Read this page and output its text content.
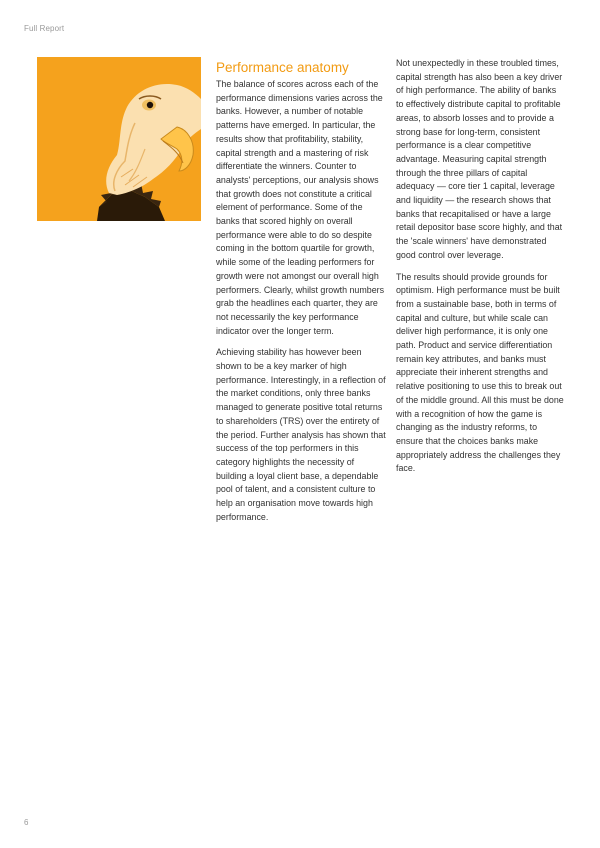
Full Report
Performance anatomy

The balance of scores across each of the performance dimensions varies across the banks. However, a number of notable patterns have emerged. In particular, the results show that profitability, stability, capital strength and a mastering of risk differentiate the winners. Counter to analysts' perceptions, our analysis shows that growth does not constitute a critical element of performance. Some of the banks that scored highly on overall performance were able to do so despite coming in the bottom quartile for growth, while some of the leading performers for growth were not amongst our overall high performers. Clearly, whilst growth numbers grab the headlines each quarter, they are not necessarily the key performance indicator over the longer term.

Achieving stability has however been shown to be a key marker of high performance. Interestingly, in a reflection of the market conditions, only three banks managed to generate positive total returns to shareholders (TRS) over the entirety of the period. Further analysis has shown that success of the top performers in this category highlights the necessity of building a loyal client base, a dependable pool of talent, and a consistent culture to help an organisation move towards high performance.

Not unexpectedly in these troubled times, capital strength has also been a key driver of high performance. The ability of banks to effectively distribute capital to profitable areas, to absorb losses and to provide a strong base for long-term, consistent performance is a clear competitive advantage. Measuring capital strength through the three pillars of capital adequacy — core tier 1 capital, leverage and liquidity — the research shows that banks that recapitalised or have a large retail depositor base score highly, and that the 'scale winners' have demonstrated good control over leverage.

The results should provide grounds for optimism. High performance must be built from a sustainable base, both in terms of capital and culture, but while scale can deliver high performance, it is only one path. Product and service differentiation remain key attributes, and banks must appreciate their inherent strengths and relative positioning to use this to break out of the middle ground. All this must be done with a recognition of how the game is changing as the industry reforms, to ensure that the choices banks make appropriately address the challenges they face.

6
